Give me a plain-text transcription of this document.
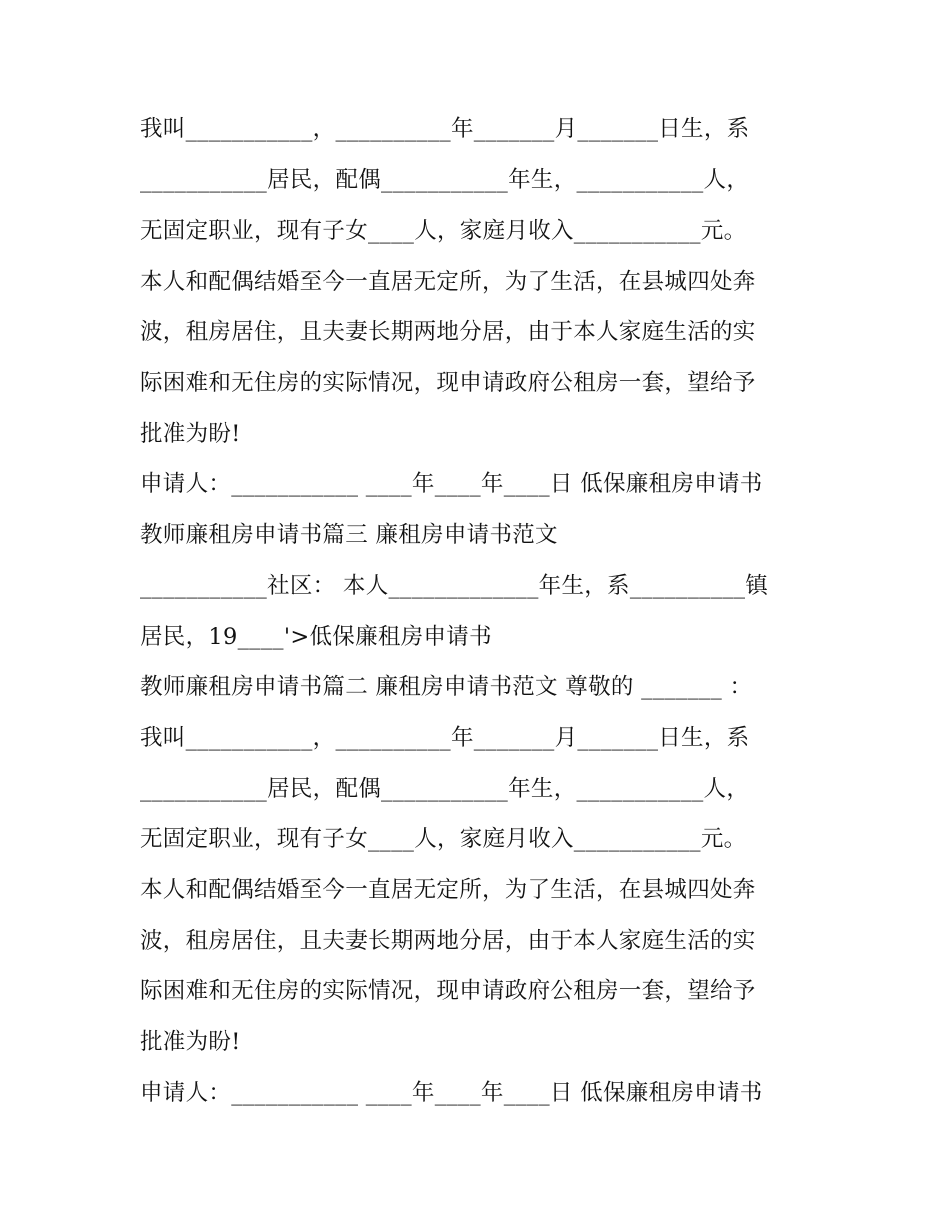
我叫___________，__________年_______月_______日生，系
___________居民，配偶___________年生，___________人，
无固定职业，现有子女____人，家庭月收入___________元。
本人和配偶结婚至今一直居无定所，为了生活，在县城四处奔
波，租房居住，且夫妻长期两地分居，由于本人家庭生活的实
际困难和无住房的实际情况，现申请政府公租房一套，望给予
批准为盼!
申请人：___________ ____年____年____日 低保廉租房申请书
教师廉租房申请书篇三 廉租房申请书范文
___________社区： 本人_____________年生，系__________镇
居民，19____'>低保廉租房申请书
教师廉租房申请书篇二 廉租房申请书范文 尊敬的 _______ ：
我叫___________，__________年_______月_______日生，系
___________居民，配偶___________年生，___________人，
无固定职业，现有子女____人，家庭月收入___________元。
本人和配偶结婚至今一直居无定所，为了生活，在县城四处奔
波，租房居住，且夫妻长期两地分居，由于本人家庭生活的实
际困难和无住房的实际情况，现申请政府公租房一套，望给予
批准为盼!
申请人：___________ ____年____年____日 低保廉租房申请书
